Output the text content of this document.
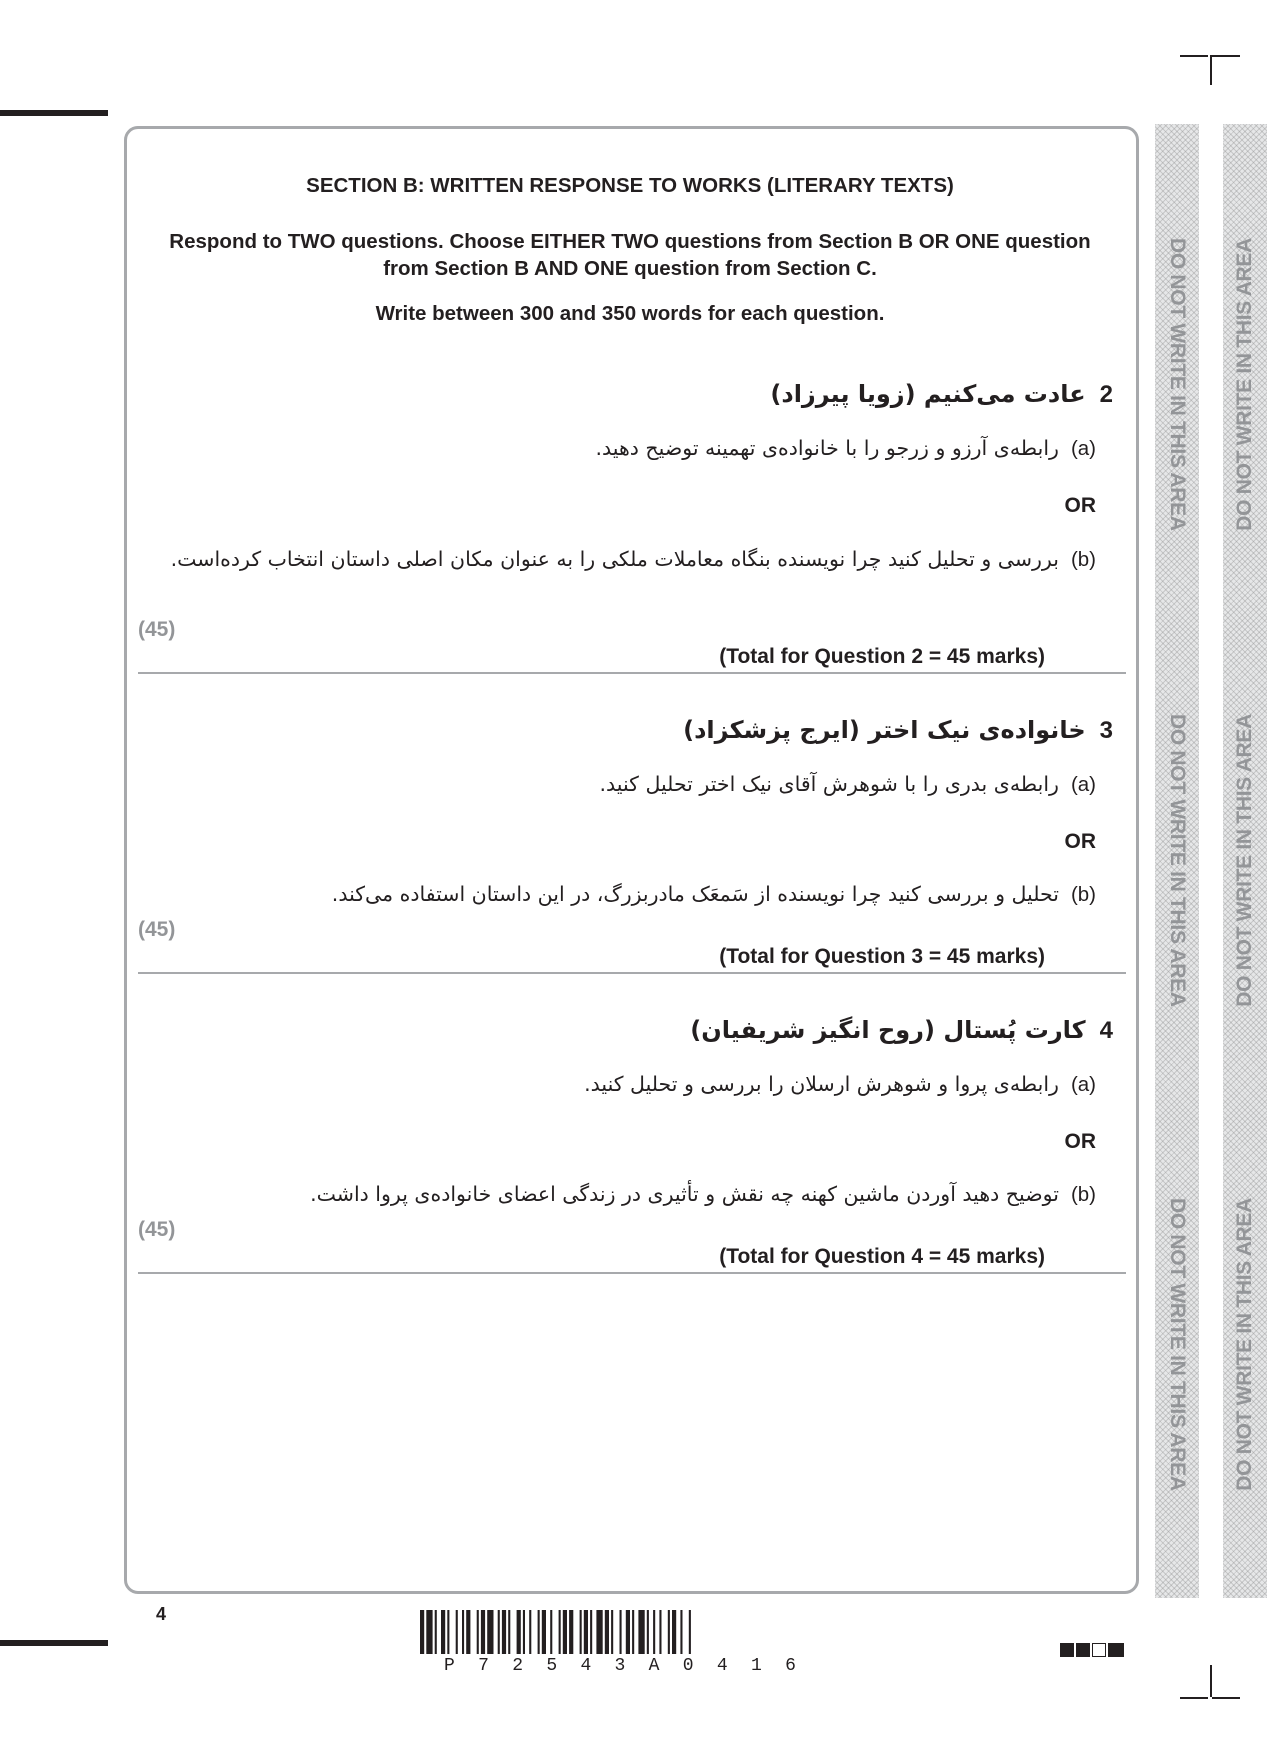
SECTION B: WRITTEN RESPONSE TO WORKS (LITERARY TEXTS)
Respond to TWO questions. Choose EITHER TWO questions from Section B OR ONE question
from Section B AND ONE question from Section C.
Write between 300 and 350 words for each question.
2عادت می‌کنیم (زویا پیرزاد)
(a)رابطه‌ی آرزو و زرجو را با خانواده‌ی تهمینه توضیح دهید.
OR
(b)بررسی و تحلیل کنید چرا نویسنده بنگاه معاملات ملکی را به عنوان مکان اصلی داستان انتخاب کرده‌است.
(45)
(Total for Question 2 = 45 marks)
3خانواده‌ی نیک اختر (ایرج پزشکزاد)
(a)رابطه‌ی بدری را با شوهرش آقای نیک اختر تحلیل کنید.
OR
(b)تحلیل و بررسی کنید چرا نویسنده از سَمعَک مادربزرگ، در این داستان استفاده می‌کند.
(45)
(Total for Question 3 = 45 marks)
4کارت پُستال (روح انگیز شریفیان)
(a)رابطه‌ی پروا و شوهرش ارسلان را بررسی و تحلیل کنید.
OR
(b)توضیح دهید آوردن ماشین کهنه چه نقش و تأثیری در زندگی اعضای خانواده‌ی پروا داشت.
(45)
(Total for Question 4 = 45 marks)
DO NOT WRITE IN THIS AREA
DO NOT WRITE IN THIS AREA
DO NOT WRITE IN THIS AREA
DO NOT WRITE IN THIS AREA
DO NOT WRITE IN THIS AREA
DO NOT WRITE IN THIS AREA
4
P 7 2 5 4 3 A 0 4 1 6
